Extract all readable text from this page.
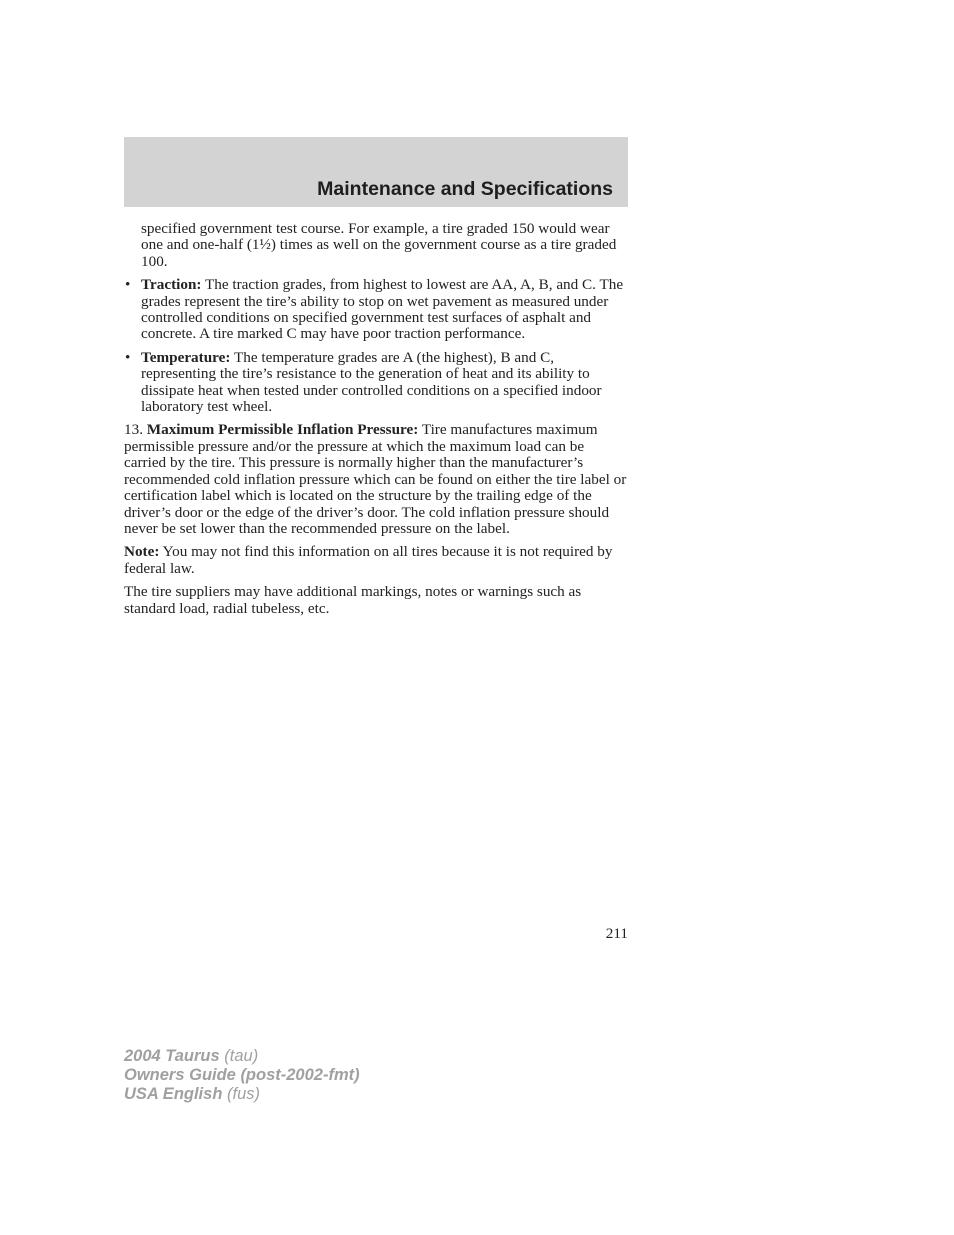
Maintenance and Specifications

specified government test course. For example, a tire graded 150 would wear one and one-half (1½) times as well on the government course as a tire graded 100.

• Traction: The traction grades, from highest to lowest are AA, A, B, and C. The grades represent the tire’s ability to stop on wet pavement as measured under controlled conditions on specified government test surfaces of asphalt and concrete. A tire marked C may have poor traction performance.
• Temperature: The temperature grades are A (the highest), B and C, representing the tire’s resistance to the generation of heat and its ability to dissipate heat when tested under controlled conditions on a specified indoor laboratory test wheel.

13. Maximum Permissible Inflation Pressure: Tire manufactures maximum permissible pressure and/or the pressure at which the maximum load can be carried by the tire. This pressure is normally higher than the manufacturer’s recommended cold inflation pressure which can be found on either the tire label or certification label which is located on the structure by the trailing edge of the driver’s door or the edge of the driver’s door. The cold inflation pressure should never be set lower than the recommended pressure on the label.

Note: You may not find this information on all tires because it is not required by federal law.

The tire suppliers may have additional markings, notes or warnings such as standard load, radial tubeless, etc.

211
2004 Taurus (tau)
Owners Guide (post-2002-fmt)
USA English (fus)
